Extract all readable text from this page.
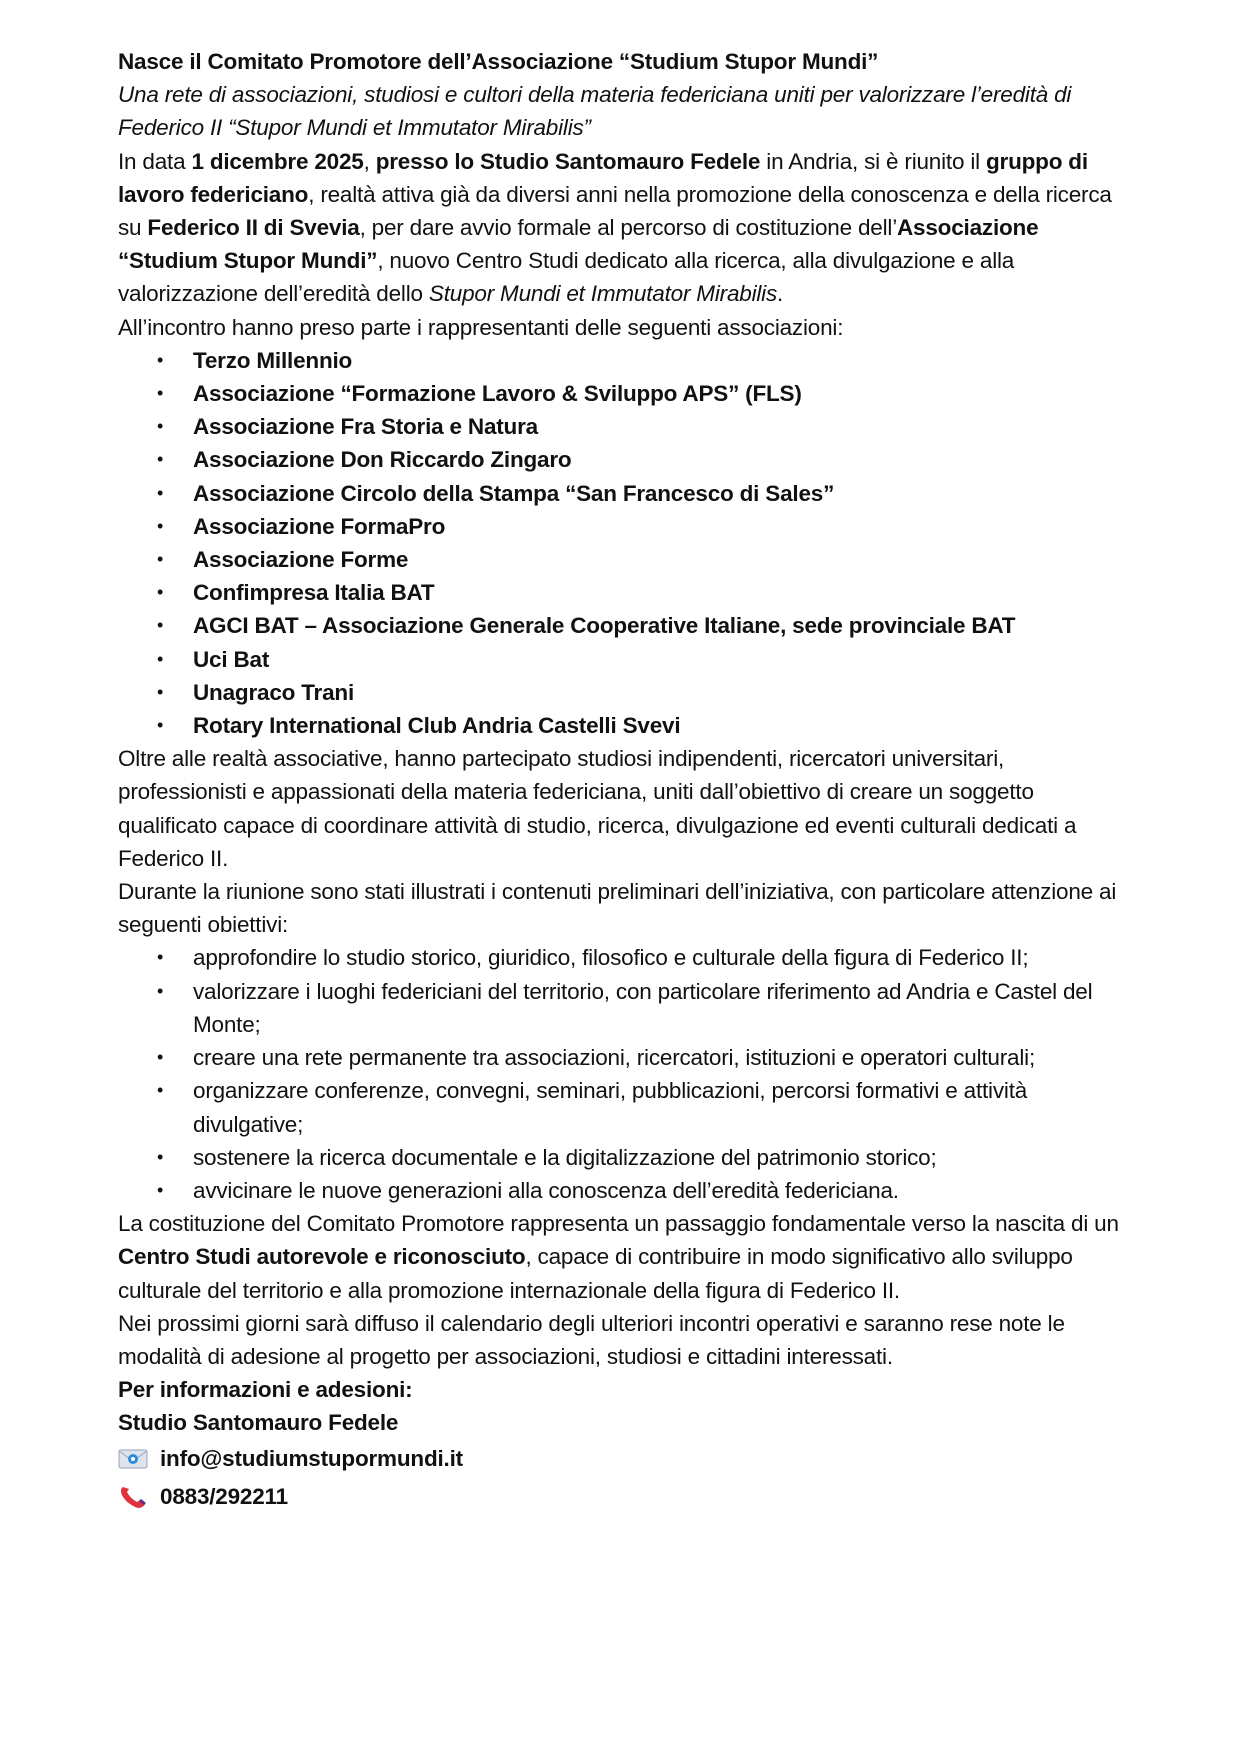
Nasce il Comitato Promotore dell’Associazione “Studium Stupor Mundi”

Una rete di associazioni, studiosi e cultori della materia federiciana uniti per valorizzare l’eredità di Federico II “Stupor Mundi et Immutator Mirabilis”

In data 1 dicembre 2025, presso lo Studio Santomauro Fedele in Andria, si è riunito il gruppo di lavoro federiciano, realtà attiva già da diversi anni nella promozione della conoscenza e della ricerca su Federico II di Svevia, per dare avvio formale al percorso di costituzione dell’Associazione “Studium Stupor Mundi”, nuovo Centro Studi dedicato alla ricerca, alla divulgazione e alla valorizzazione dell’eredità dello Stupor Mundi et Immutator Mirabilis.

All’incontro hanno preso parte i rappresentanti delle seguenti associazioni:

• Terzo Millennio
• Associazione “Formazione Lavoro & Sviluppo APS” (FLS)
• Associazione Fra Storia e Natura
• Associazione Don Riccardo Zingaro
• Associazione Circolo della Stampa “San Francesco di Sales”
• Associazione FormaPro
• Associazione Forme
• Confimpresa Italia BAT
• AGCI BAT – Associazione Generale Cooperative Italiane, sede provinciale BAT
• Uci Bat
• Unagraco Trani
• Rotary International Club Andria Castelli Svevi

Oltre alle realtà associative, hanno partecipato studiosi indipendenti, ricercatori universitari, professionisti e appassionati della materia federiciana, uniti dall’obiettivo di creare un soggetto qualificato capace di coordinare attività di studio, ricerca, divulgazione ed eventi culturali dedicati a Federico II.

Durante la riunione sono stati illustrati i contenuti preliminari dell’iniziativa, con particolare attenzione ai seguenti obiettivi:

• approfondire lo studio storico, giuridico, filosofico e culturale della figura di Federico II;
• valorizzare i luoghi federiciani del territorio, con particolare riferimento ad Andria e Castel del Monte;
• creare una rete permanente tra associazioni, ricercatori, istituzioni e operatori culturali;
• organizzare conferenze, convegni, seminari, pubblicazioni, percorsi formativi e attività divulgative;
• sostenere la ricerca documentale e la digitalizzazione del patrimonio storico;
• avvicinare le nuove generazioni alla conoscenza dell’eredità federiciana.

La costituzione del Comitato Promotore rappresenta un passaggio fondamentale verso la nascita di un Centro Studi autorevole e riconosciuto, capace di contribuire in modo significativo allo sviluppo culturale del territorio e alla promozione internazionale della figura di Federico II.

Nei prossimi giorni sarà diffuso il calendario degli ulteriori incontri operativi e saranno rese note le modalità di adesione al progetto per associazioni, studiosi e cittadini interessati.

Per informazioni e adesioni:

Studio Santomauro Fedele

info@studiumstupormundi.it
0883/292211
